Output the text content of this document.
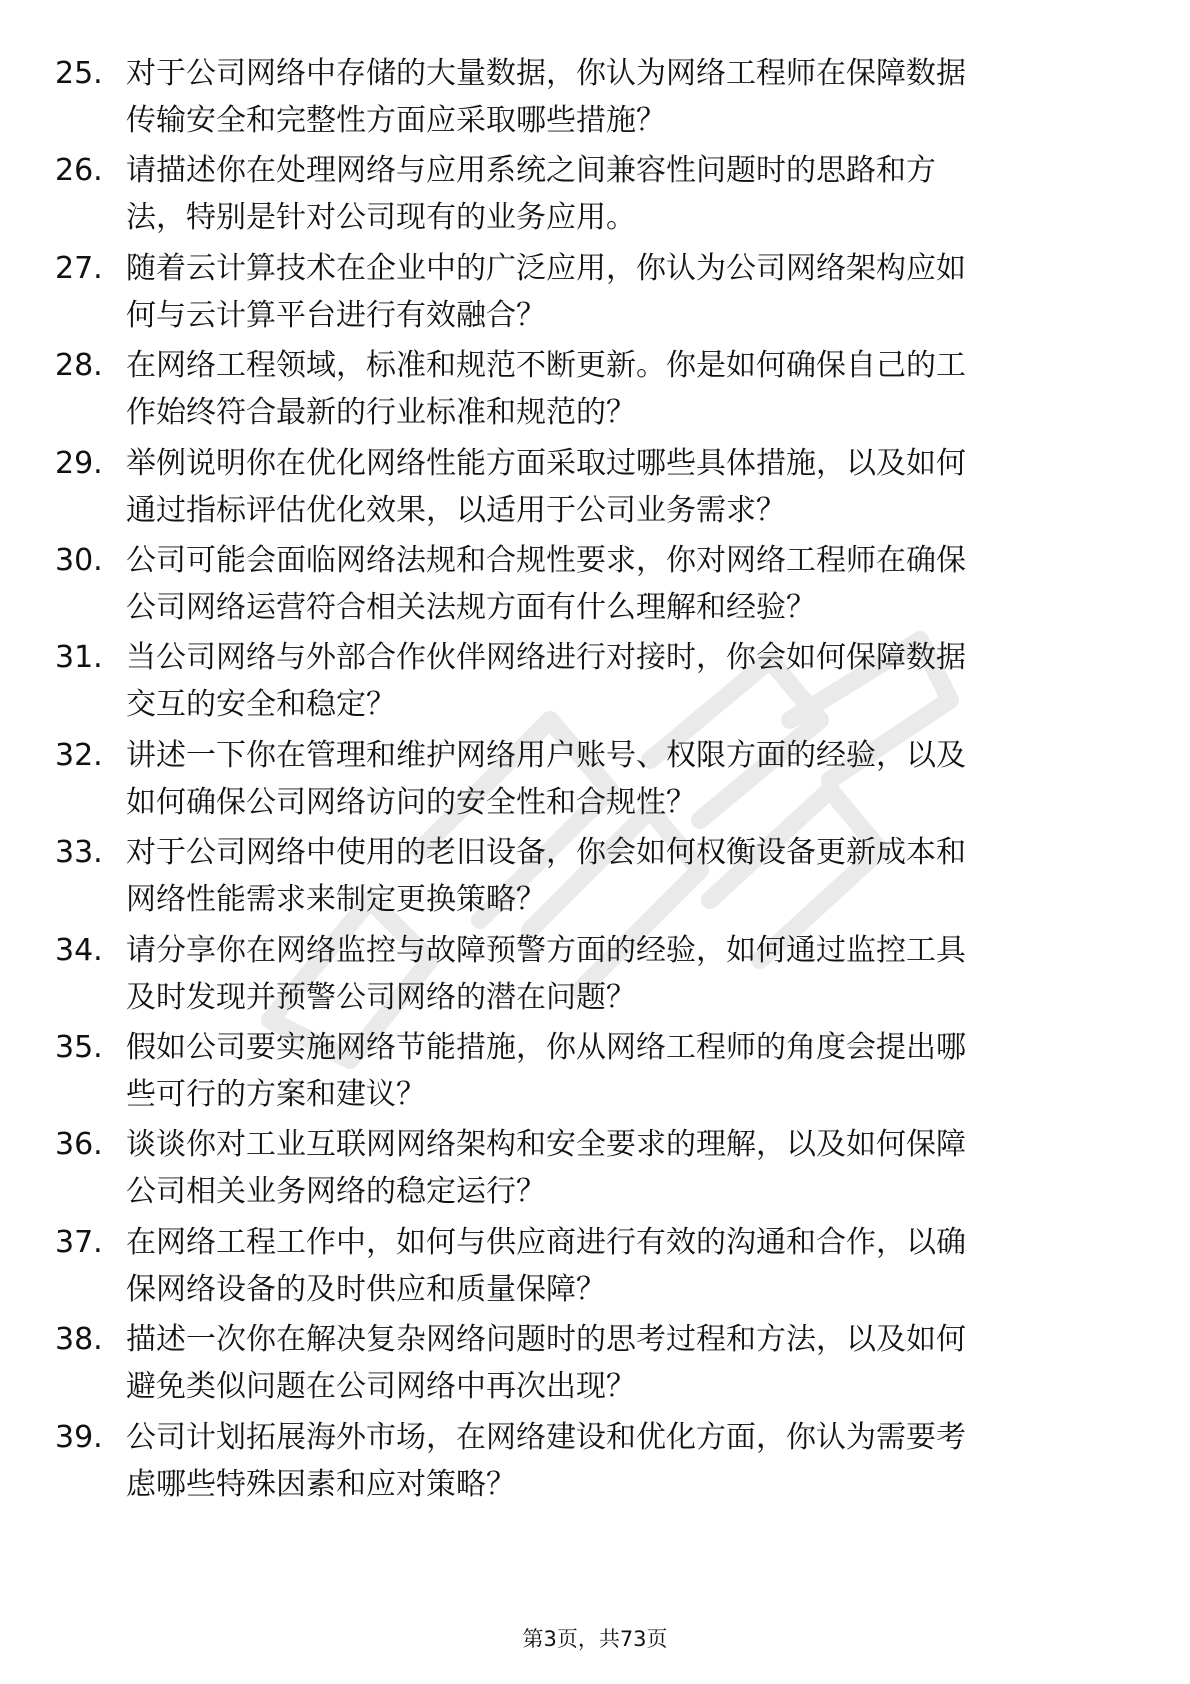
25. 对于公司网络中存储的大量数据，你认为网络工程师在保障数据
传输安全和完整性方面应采取哪些措施？
26. 请描述你在处理网络与应用系统之间兼容性问题时的思路和方
法，特别是针对公司现有的业务应用。
27. 随着云计算技术在企业中的广泛应用，你认为公司网络架构应如
何与云计算平台进行有效融合？
28. 在网络工程领域，标准和规范不断更新。你是如何确保自己的工
作始终符合最新的行业标准和规范的？
29. 举例说明你在优化网络性能方面采取过哪些具体措施，以及如何
通过指标评估优化效果，以适用于公司业务需求？
30. 公司可能会面临网络法规和合规性要求，你对网络工程师在确保
公司网络运营符合相关法规方面有什么理解和经验？
31. 当公司网络与外部合作伙伴网络进行对接时，你会如何保障数据
交互的安全和稳定？
32. 讲述一下你在管理和维护网络用户账号、权限方面的经验，以及
如何确保公司网络访问的安全性和合规性？
33. 对于公司网络中使用的老旧设备，你会如何权衡设备更新成本和
网络性能需求来制定更换策略？
34. 请分享你在网络监控与故障预警方面的经验，如何通过监控工具
及时发现并预警公司网络的潜在问题？
35. 假如公司要实施网络节能措施，你从网络工程师的角度会提出哪
些可行的方案和建议？
36. 谈谈你对工业互联网网络架构和安全要求的理解，以及如何保障
公司相关业务网络的稳定运行？
37. 在网络工程工作中，如何与供应商进行有效的沟通和合作，以确
保网络设备的及时供应和质量保障？
38. 描述一次你在解决复杂网络问题时的思考过程和方法，以及如何
避免类似问题在公司网络中再次出现？
39. 公司计划拓展海外市场，在网络建设和优化方面，你认为需要考
虑哪些特殊因素和应对策略？
第3页，共73页
